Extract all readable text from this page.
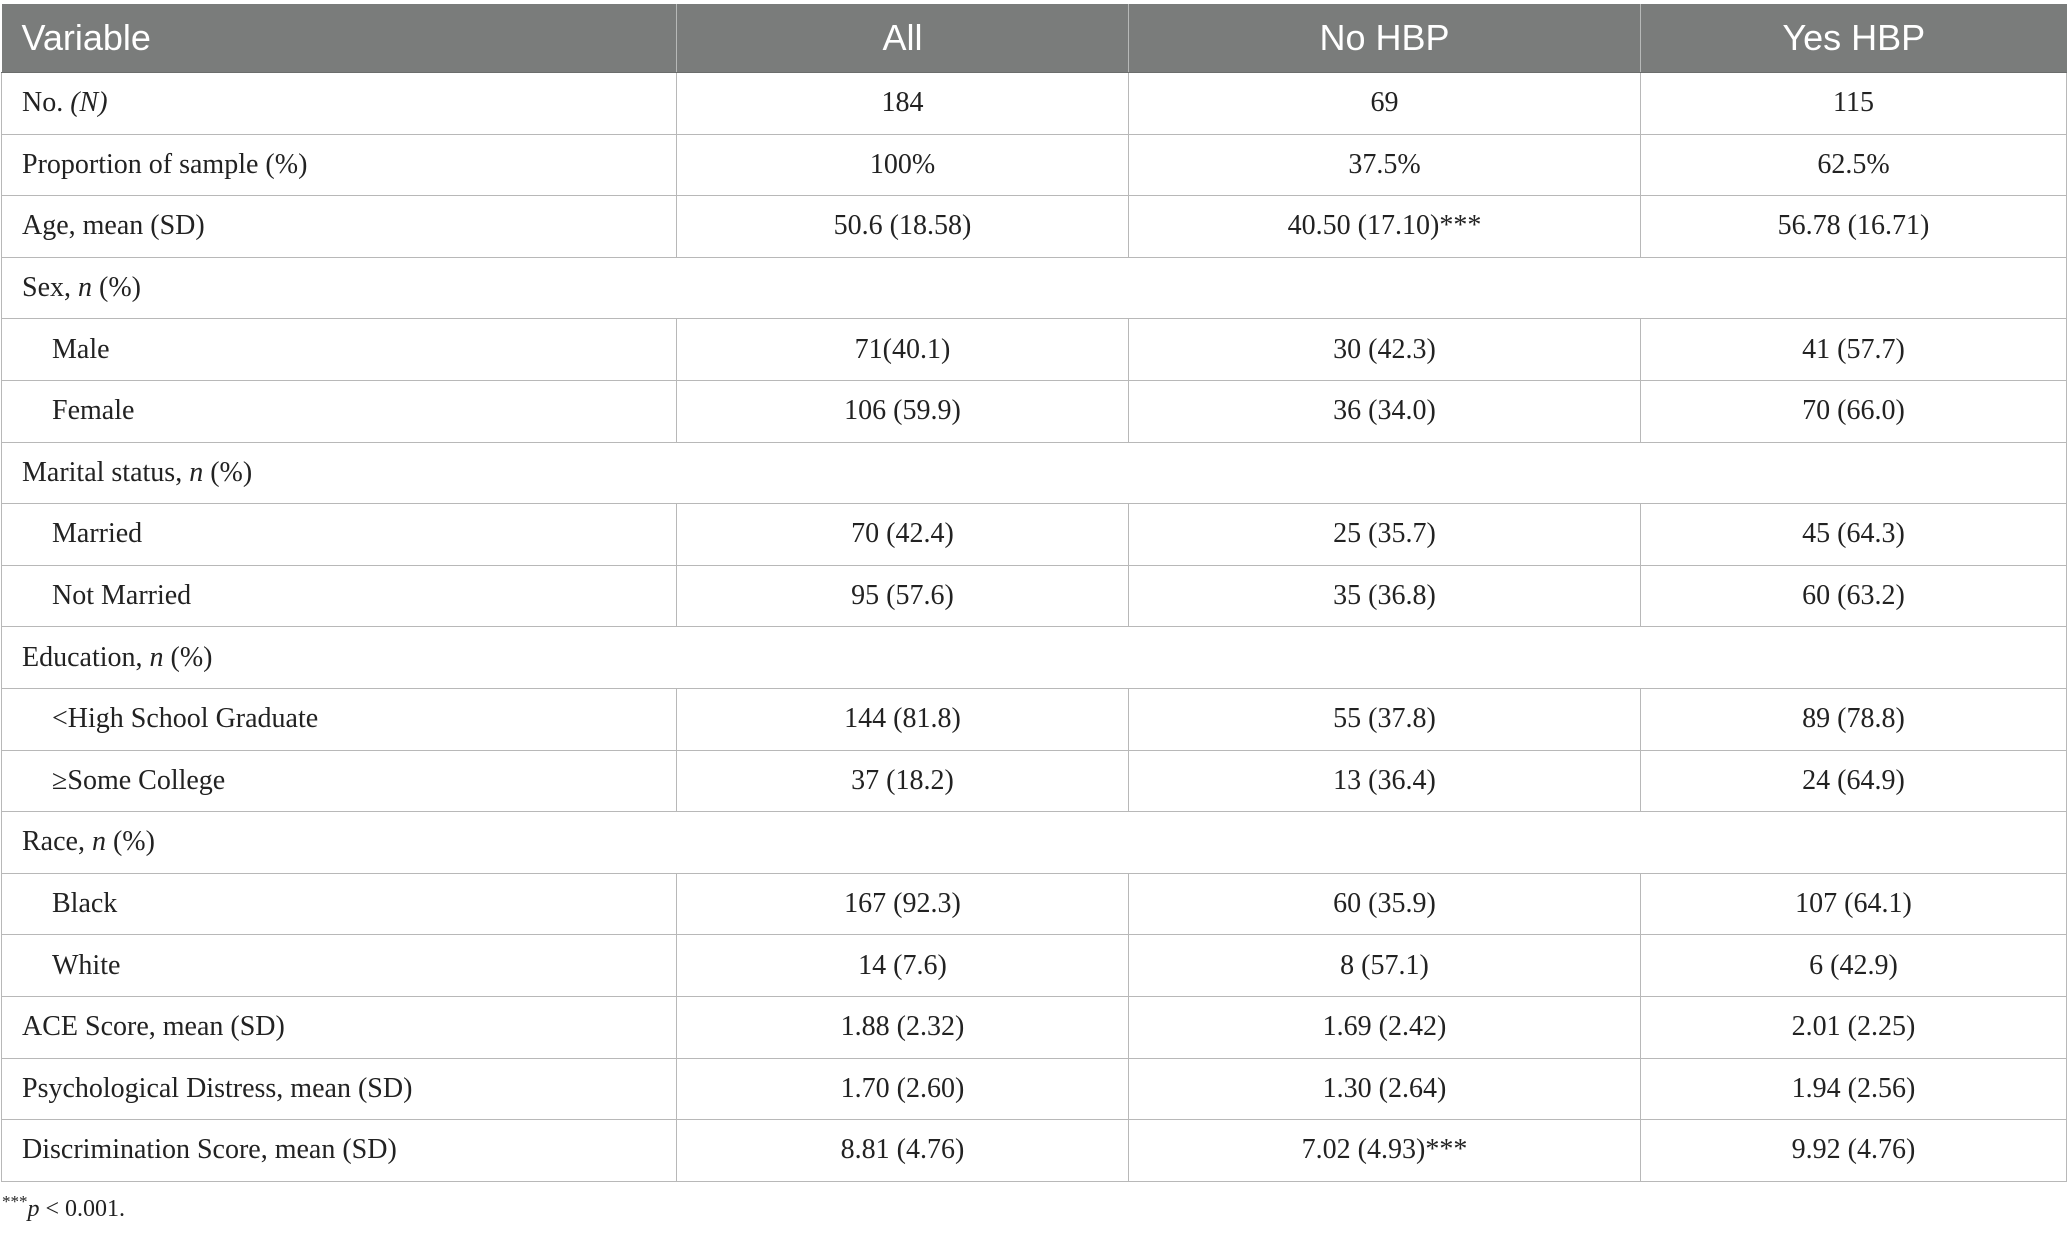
Variable	All	No HBP	Yes HBP
No. (N)	184	69	115
Proportion of sample (%)	100%	37.5%	62.5%
Age, mean (SD)	50.6 (18.58)	40.50 (17.10)***	56.78 (16.71)
Sex, n (%)			
Male	71(40.1)	30 (42.3)	41 (57.7)
Female	106 (59.9)	36 (34.0)	70 (66.0)
Marital status, n (%)			
Married	70 (42.4)	25 (35.7)	45 (64.3)
Not Married	95 (57.6)	35 (36.8)	60 (63.2)
Education, n (%)			
<High School Graduate	144 (81.8)	55 (37.8)	89 (78.8)
≥Some College	37 (18.2)	13 (36.4)	24 (64.9)
Race, n (%)			
Black	167 (92.3)	60 (35.9)	107 (64.1)
White	14 (7.6)	8 (57.1)	6 (42.9)
ACE Score, mean (SD)	1.88 (2.32)	1.69 (2.42)	2.01 (2.25)
Psychological Distress, mean (SD)	1.70 (2.60)	1.30 (2.64)	1.94 (2.56)
Discrimination Score, mean (SD)	8.81 (4.76)	7.02 (4.93)***	9.92 (4.76)
***p < 0.001.
